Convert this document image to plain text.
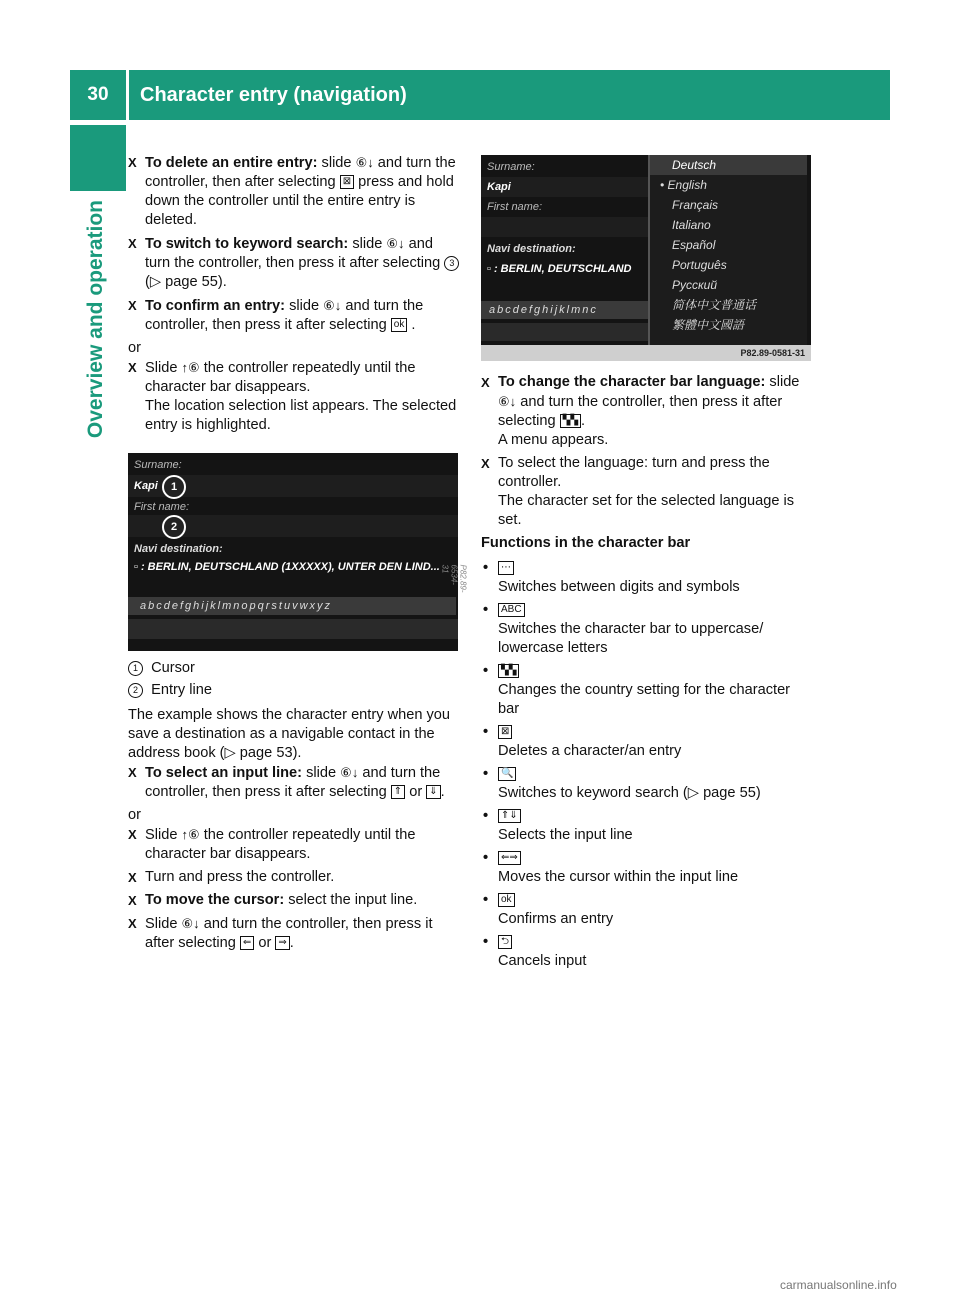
30	Character entry (navigation)
Overview and operation
X To delete an entire entry: slide ⑥↓ and turn the controller, then after selecting ⊠ press and hold down the controller until the entire entry is deleted.
X To switch to keyword search: slide ⑥↓ and turn the controller, then press it after selecting 3 (▷ page 55).
X To confirm an entry: slide ⑥↓ and turn the controller, then press it after selecting ok .

or

X Slide ↑⑥ the controller repeatedly until the character bar disappears.
The location selection list appears. The selected entry is highlighted.
Surname:
Kapi	1
First name:
2
Navi destination:
▫ : BERLIN, DEUTSCHLAND (1XXXXX), UNTER DEN LIND...
abcdefghijklmnopqrstuvwxyz
P82.89-6534-31
1 Cursor
2 Entry line

The example shows the character entry when you save a destination as a navigable contact in the address book (▷ page 53).

X To select an input line: slide ⑥↓ and turn the controller, then press it after selecting ⇑ or ⇓ .

or

X Slide ↑⑥ the controller repeatedly until the character bar disappears.
X Turn and press the controller.
X To move the cursor: select the input line.
X Slide ⑥↓ and turn the controller, then press it after selecting ⇐ or ⇒ .
Surname:
Kapi
First name:
Navi destination:
▫ : BERLIN, DEUTSCHLAND
abcdefghijklmnc
Deutsch
• English
Français
Italiano
Español
Português
Русский
简体中文普通话
繁體中文國語
P82.89-0581-31
X To change the character bar language: slide ⑥↓ and turn the controller, then press it after selecting ▚▚ .
A menu appears.
X To select the language: turn and press the controller.
The character set for the selected language is set.

Functions in the character bar

• ⋯
Switches between digits and symbols
• ABC
Switches the character bar to uppercase/ lowercase letters
• ▚▚
Changes the country setting for the character bar
• ⊠
Deletes a character/an entry
• 🔍
Switches to keyword search (▷ page 55)
• ⇑⇓
Selects the input line
• ⇐⇒
Moves the cursor within the input line
• ok
Confirms an entry
• ⮌
Cancels input
carmanualsonline.info
